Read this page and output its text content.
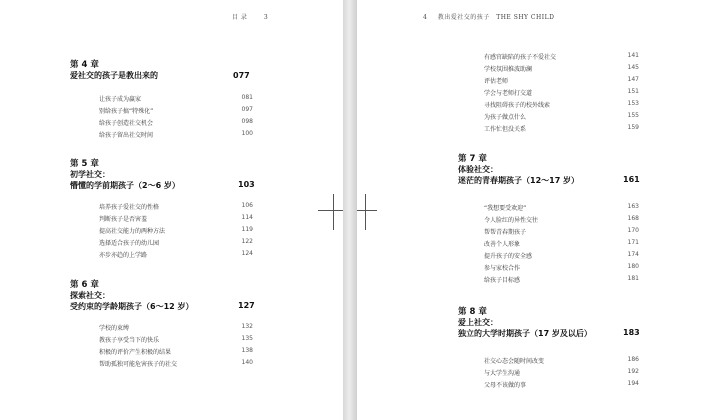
目 录	3
第 4 章
爱社交的孩子是教出来的	077
让孩子成为赢家	081
别给孩子搞“特殊化”	097
给孩子创造社交机会	098
给孩子留出社交时间	100
第 5 章
初学社交：
懵懂的学前期孩子（2～6 岁）	103
培养孩子爱社交的性格	106
判断孩子是否害羞	114
提高社交能力的两种方法	119
选择适合孩子的幼儿园	122
亦步亦趋的上学路	124
第 6 章
探索社交：
受约束的学龄期孩子（6～12 岁）	127
学校的束缚	132
教孩子享受当下的快乐	135
积极的评价产生积极的结果	138
帮助孤独可能危害孩子的社交	140
4 教出爱社交的孩子 THE SHY CHILD
有感官缺陷的孩子不爱社交	141
学校氛围推波助澜	145
评估老师	147
学会与老师打交道	151
寻找阻碍孩子的校外线索	153
为孩子做点什么	155
工作忙但没关系	159
第 7 章
体验社交：
迷茫的青春期孩子（12～17 岁）	161
“我想要受欢迎”	163
令人脸红的异性交往	168
帮帮青春期孩子	170
改善个人形象	171
提升孩子的安全感	174
参与家校合作	180
给孩子目标感	181
第 8 章
爱上社交：
独立的大学时期孩子（17 岁及以后）	183
社交心态会随时间改变	186
与大学生沟通	192
父母不该做的事	194
